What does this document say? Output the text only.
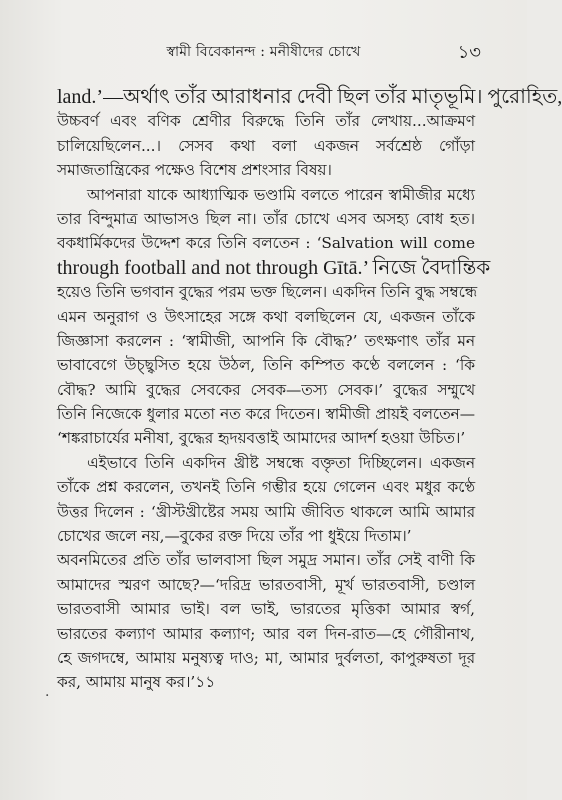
স্বামী বিবেকানন্দ : মনীষীদের চোখে	১৩
land.’—অর্থাৎ তাঁর আরাধনার দেবী ছিল তাঁর মাতৃভূমি। পুরোহিত,
উচ্চবর্ণ এবং বণিক শ্রেণীর বিরুদ্ধে তিনি তাঁর লেখায়...আক্রমণ
চালিয়েছিলেন...। সেসব কথা বলা একজন সর্বশ্রেষ্ঠ গোঁড়া
সমাজতান্ত্রিকের পক্ষেও বিশেষ প্রশংসার বিষয়।
আপনারা যাকে আধ্যাত্মিক ভণ্ডামি বলতে পারেন স্বামীজীর মধ্যে
তার বিন্দুমাত্র আভাসও ছিল না। তাঁর চোখে এসব অসহ্য বোধ হত।
বকধার্মিকদের উদ্দেশ করে তিনি বলতেন : ‘Salvation will come
through football and not through Gītā.’ নিজে বৈদান্তিক
হয়েও তিনি ভগবান বুদ্ধের পরম ভক্ত ছিলেন। একদিন তিনি বুদ্ধ সম্বন্ধে
এমন অনুরাগ ও উৎসাহের সঙ্গে কথা বলছিলেন যে, একজন তাঁকে
জিজ্ঞাসা করলেন : ‘স্বামীজী, আপনি কি বৌদ্ধ?’ তৎক্ষণাৎ তাঁর মন
ভাবাবেগে উচ্ছ্বসিত হয়ে উঠল, তিনি কম্পিত কণ্ঠে বললেন : ‘কি
বৌদ্ধ? আমি বুদ্ধের সেবকের সেবক—তস্য সেবক।’ বুদ্ধের সম্মুখে
তিনি নিজেকে ধুলার মতো নত করে দিতেন। স্বামীজী প্রায়ই বলতেন—
‘শঙ্করাচার্যের মনীষা, বুদ্ধের হৃদয়বত্তাই আমাদের আদর্শ হওয়া উচিত।’
এইভাবে তিনি একদিন খ্রীষ্ট সম্বন্ধে বক্তৃতা দিচ্ছিলেন। একজন
তাঁকে প্রশ্ন করলেন, তখনই তিনি গম্ভীর হয়ে গেলেন এবং মধুর কণ্ঠে
উত্তর দিলেন : ‘খ্রীস্টখ্রীষ্টের সময় আমি জীবিত থাকলে আমি আমার
চোখের জলে নয়,—বুকের রক্ত দিয়ে তাঁর পা ধুইয়ে দিতাম।’
অবনমিতের প্রতি তাঁর ভালবাসা ছিল সমুদ্র সমান। তাঁর সেই বাণী কি
আমাদের স্মরণ আছে?—‘দরিদ্র ভারতবাসী, মূর্খ ভারতবাসী, চণ্ডাল
ভারতবাসী আমার ভাই। বল ভাই, ভারতের মৃত্তিকা আমার স্বর্গ,
ভারতের কল্যাণ আমার কল্যাণ; আর বল দিন-রাত—হে গৌরীনাথ,
হে জগদম্বে, আমায় মনুষ্যত্ব দাও; মা, আমার দুর্বলতা, কাপুরুষতা দূর
কর, আমায় মানুষ কর।’১১
·
